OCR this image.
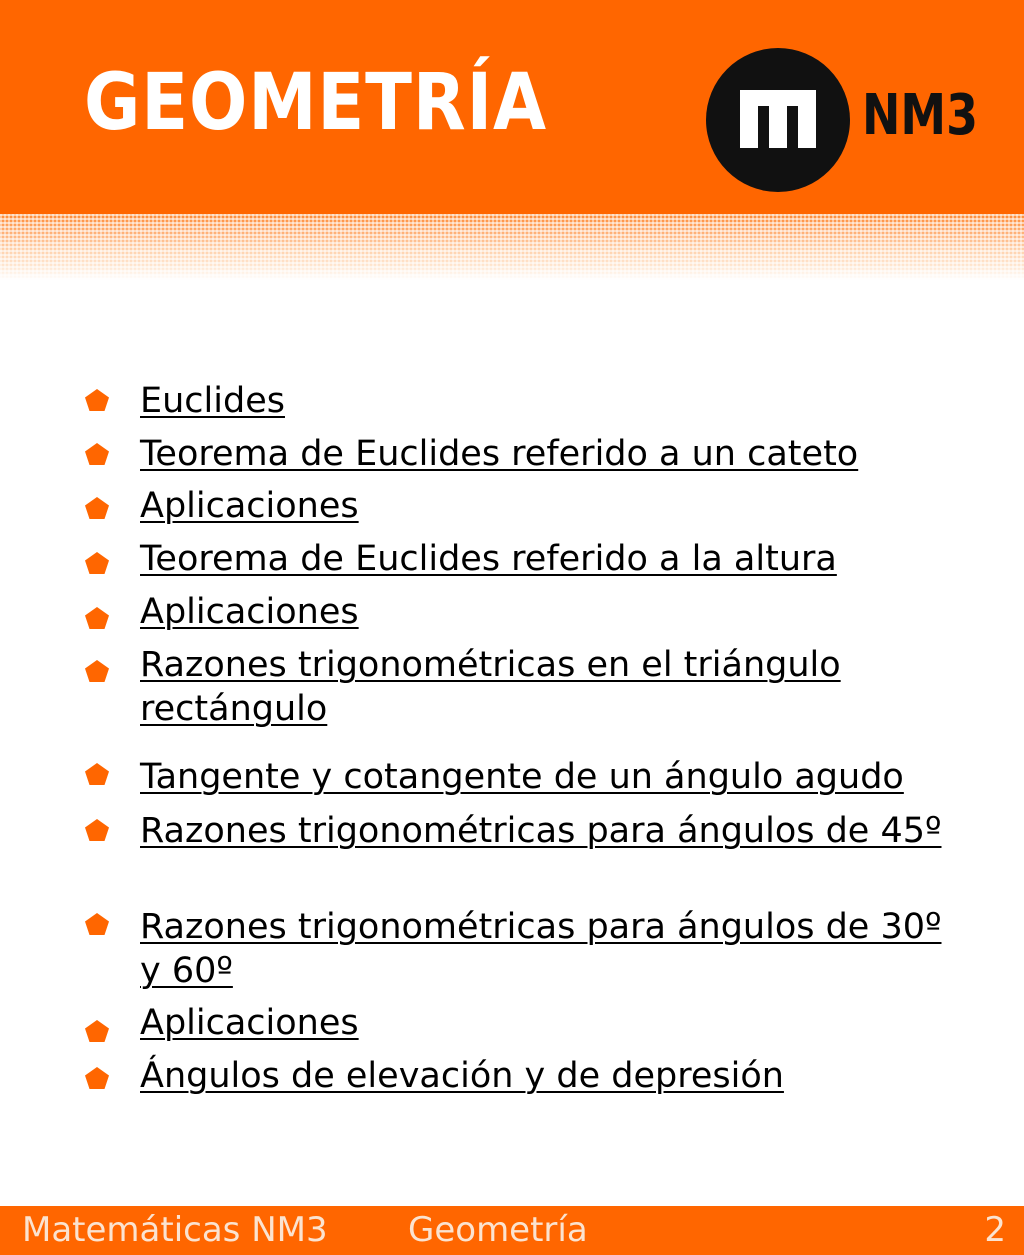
GEOMETRÍA	NM3
Euclides
Teorema de Euclides referido a un cateto
Aplicaciones
Teorema de Euclides referido a la altura
Aplicaciones
Razones trigonométricas en el triángulo rectángulo
Tangente y cotangente de un ángulo agudo
Razones trigonométricas para ángulos de 45º
Razones trigonométricas para ángulos de 30º y 60º
Aplicaciones
Ángulos de elevación y de depresión
Matemáticas NM3 Geometría	2
